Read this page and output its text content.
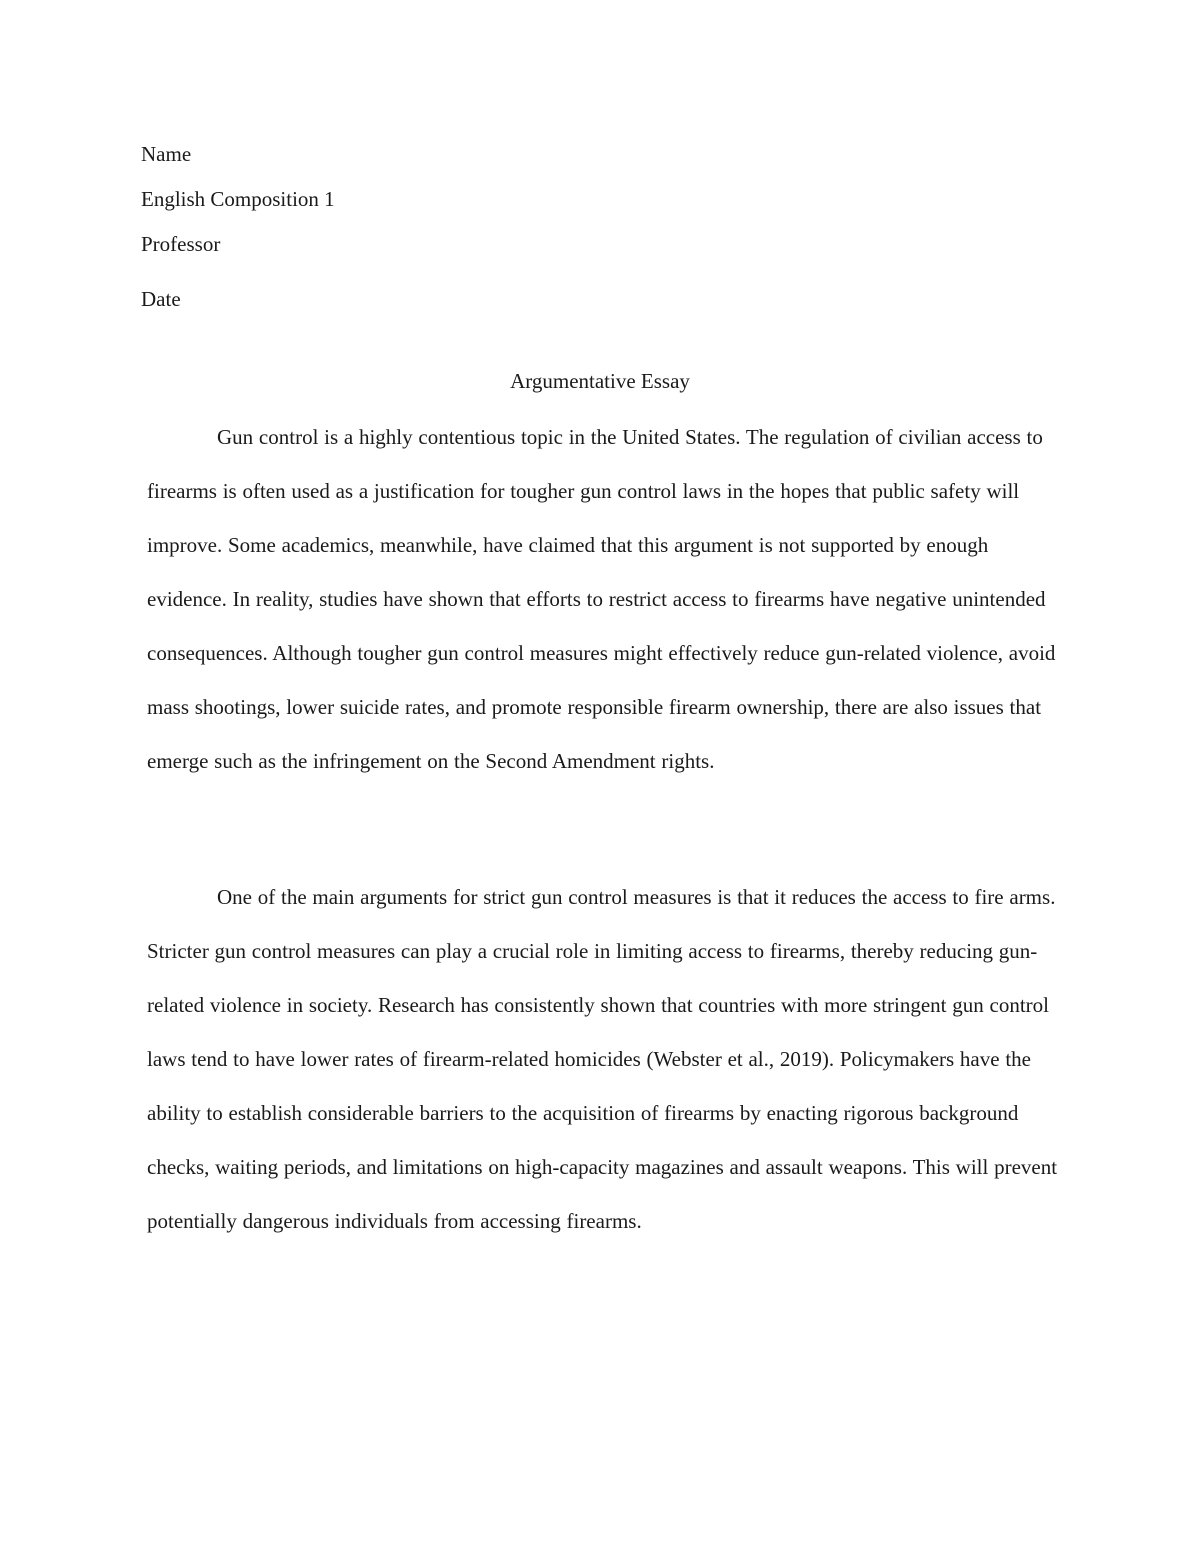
Name
English Composition 1
Professor
Date
Argumentative Essay

Gun control is a highly contentious topic in the United States. The regulation of civilian access to firearms is often used as a justification for tougher gun control laws in the hopes that public safety will improve. Some academics, meanwhile, have claimed that this argument is not supported by enough evidence. In reality, studies have shown that efforts to restrict access to firearms have negative unintended consequences. Although tougher gun control measures might effectively reduce gun-related violence, avoid mass shootings, lower suicide rates, and promote responsible firearm ownership, there are also issues that emerge such as the infringement on the Second Amendment rights.

One of the main arguments for strict gun control measures is that it reduces the access to fire arms. Stricter gun control measures can play a crucial role in limiting access to firearms, thereby reducing gun-related violence in society. Research has consistently shown that countries with more stringent gun control laws tend to have lower rates of firearm-related homicides (Webster et al., 2019). Policymakers have the ability to establish considerable barriers to the acquisition of firearms by enacting rigorous background checks, waiting periods, and limitations on high-capacity magazines and assault weapons. This will prevent potentially dangerous individuals from accessing firearms.
